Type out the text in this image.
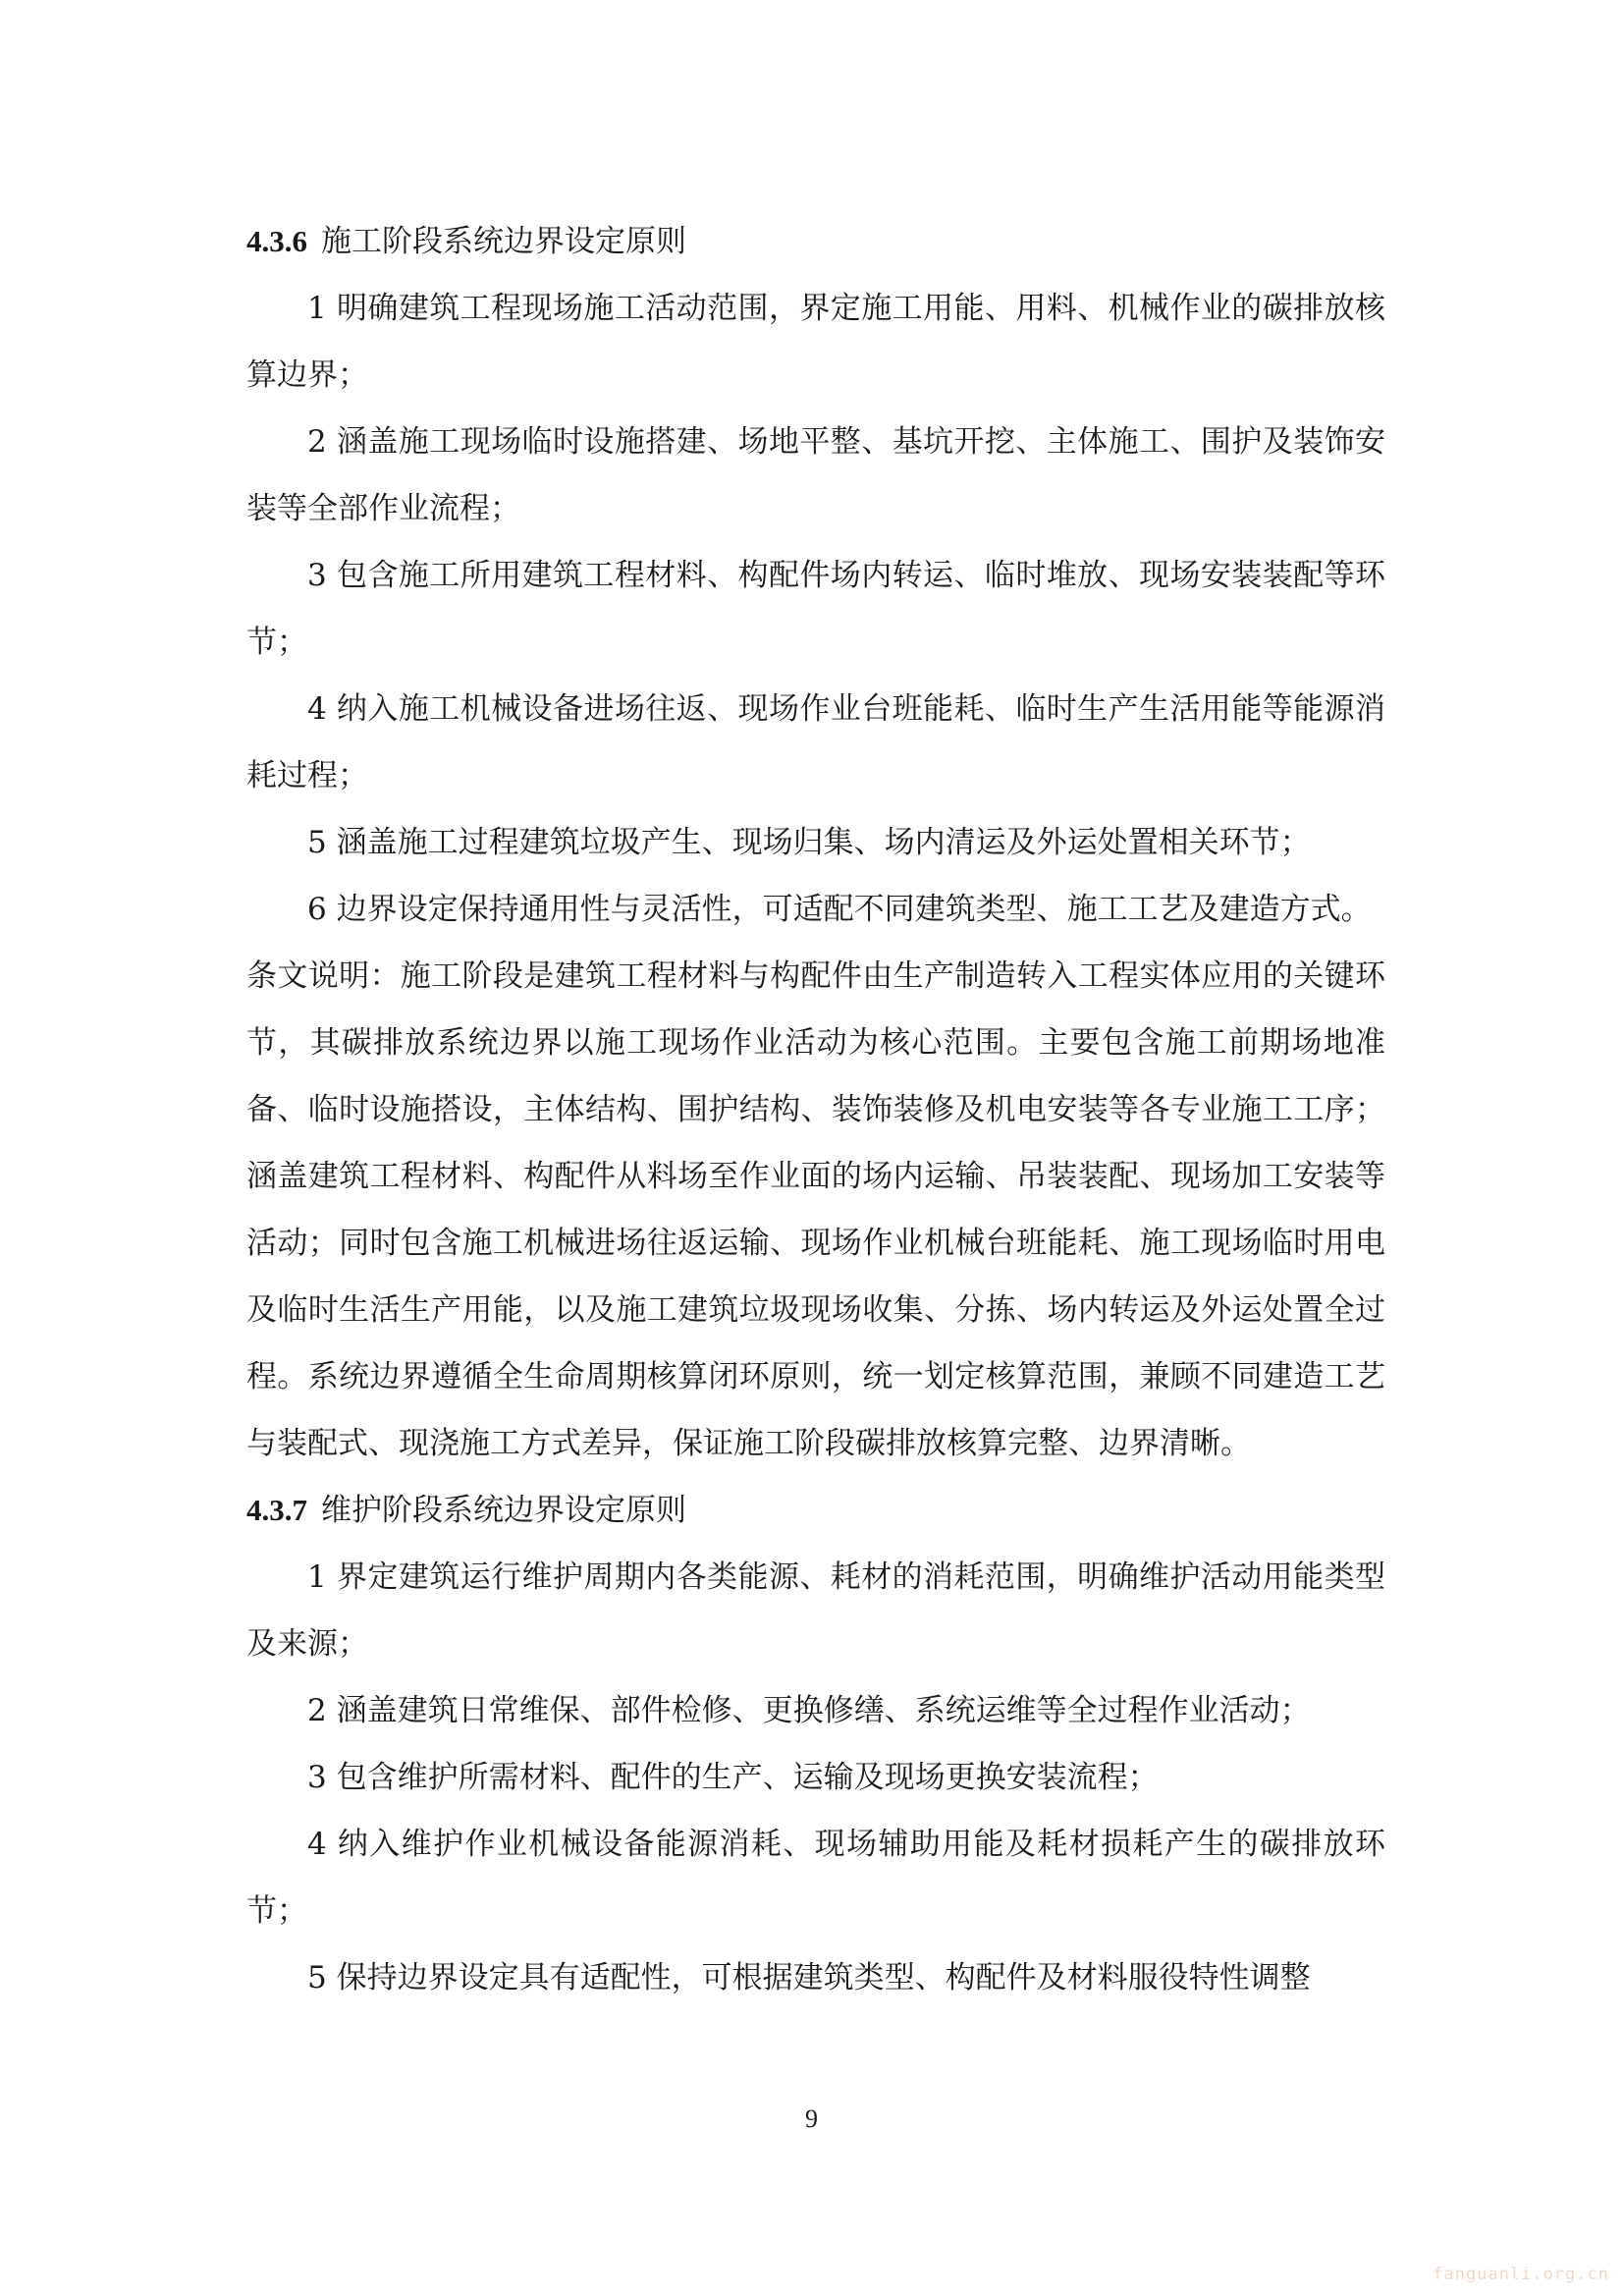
4.3.6 施工阶段系统边界设定原则
1 明确建筑工程现场施工活动范围，界定施工用能、用料、机械作业的碳排放核算边界；
2 涵盖施工现场临时设施搭建、场地平整、基坑开挖、主体施工、围护及装饰安装等全部作业流程；
3 包含施工所用建筑工程材料、构配件场内转运、临时堆放、现场安装装配等环节；
4 纳入施工机械设备进场往返、现场作业台班能耗、临时生产生活用能等能源消耗过程；
5 涵盖施工过程建筑垃圾产生、现场归集、场内清运及外运处置相关环节；
6 边界设定保持通用性与灵活性，可适配不同建筑类型、施工工艺及建造方式。
条文说明：施工阶段是建筑工程材料与构配件由生产制造转入工程实体应用的关键环节，其碳排放系统边界以施工现场作业活动为核心范围。主要包含施工前期场地准备、临时设施搭设，主体结构、围护结构、装饰装修及机电安装等各专业施工工序；涵盖建筑工程材料、构配件从料场至作业面的场内运输、吊装装配、现场加工安装等活动；同时包含施工机械进场往返运输、现场作业机械台班能耗、施工现场临时用电及临时生活生产用能，以及施工建筑垃圾现场收集、分拣、场内转运及外运处置全过程。系统边界遵循全生命周期核算闭环原则，统一划定核算范围，兼顾不同建造工艺与装配式、现浇施工方式差异，保证施工阶段碳排放核算完整、边界清晰。
4.3.7 维护阶段系统边界设定原则
1 界定建筑运行维护周期内各类能源、耗材的消耗范围，明确维护活动用能类型及来源；
2 涵盖建筑日常维保、部件检修、更换修缮、系统运维等全过程作业活动；
3 包含维护所需材料、配件的生产、运输及现场更换安装流程；
4 纳入维护作业机械设备能源消耗、现场辅助用能及耗材损耗产生的碳排放环节；
5 保持边界设定具有适配性，可根据建筑类型、构配件及材料服役特性调整
9
fanguanli.org.cn
